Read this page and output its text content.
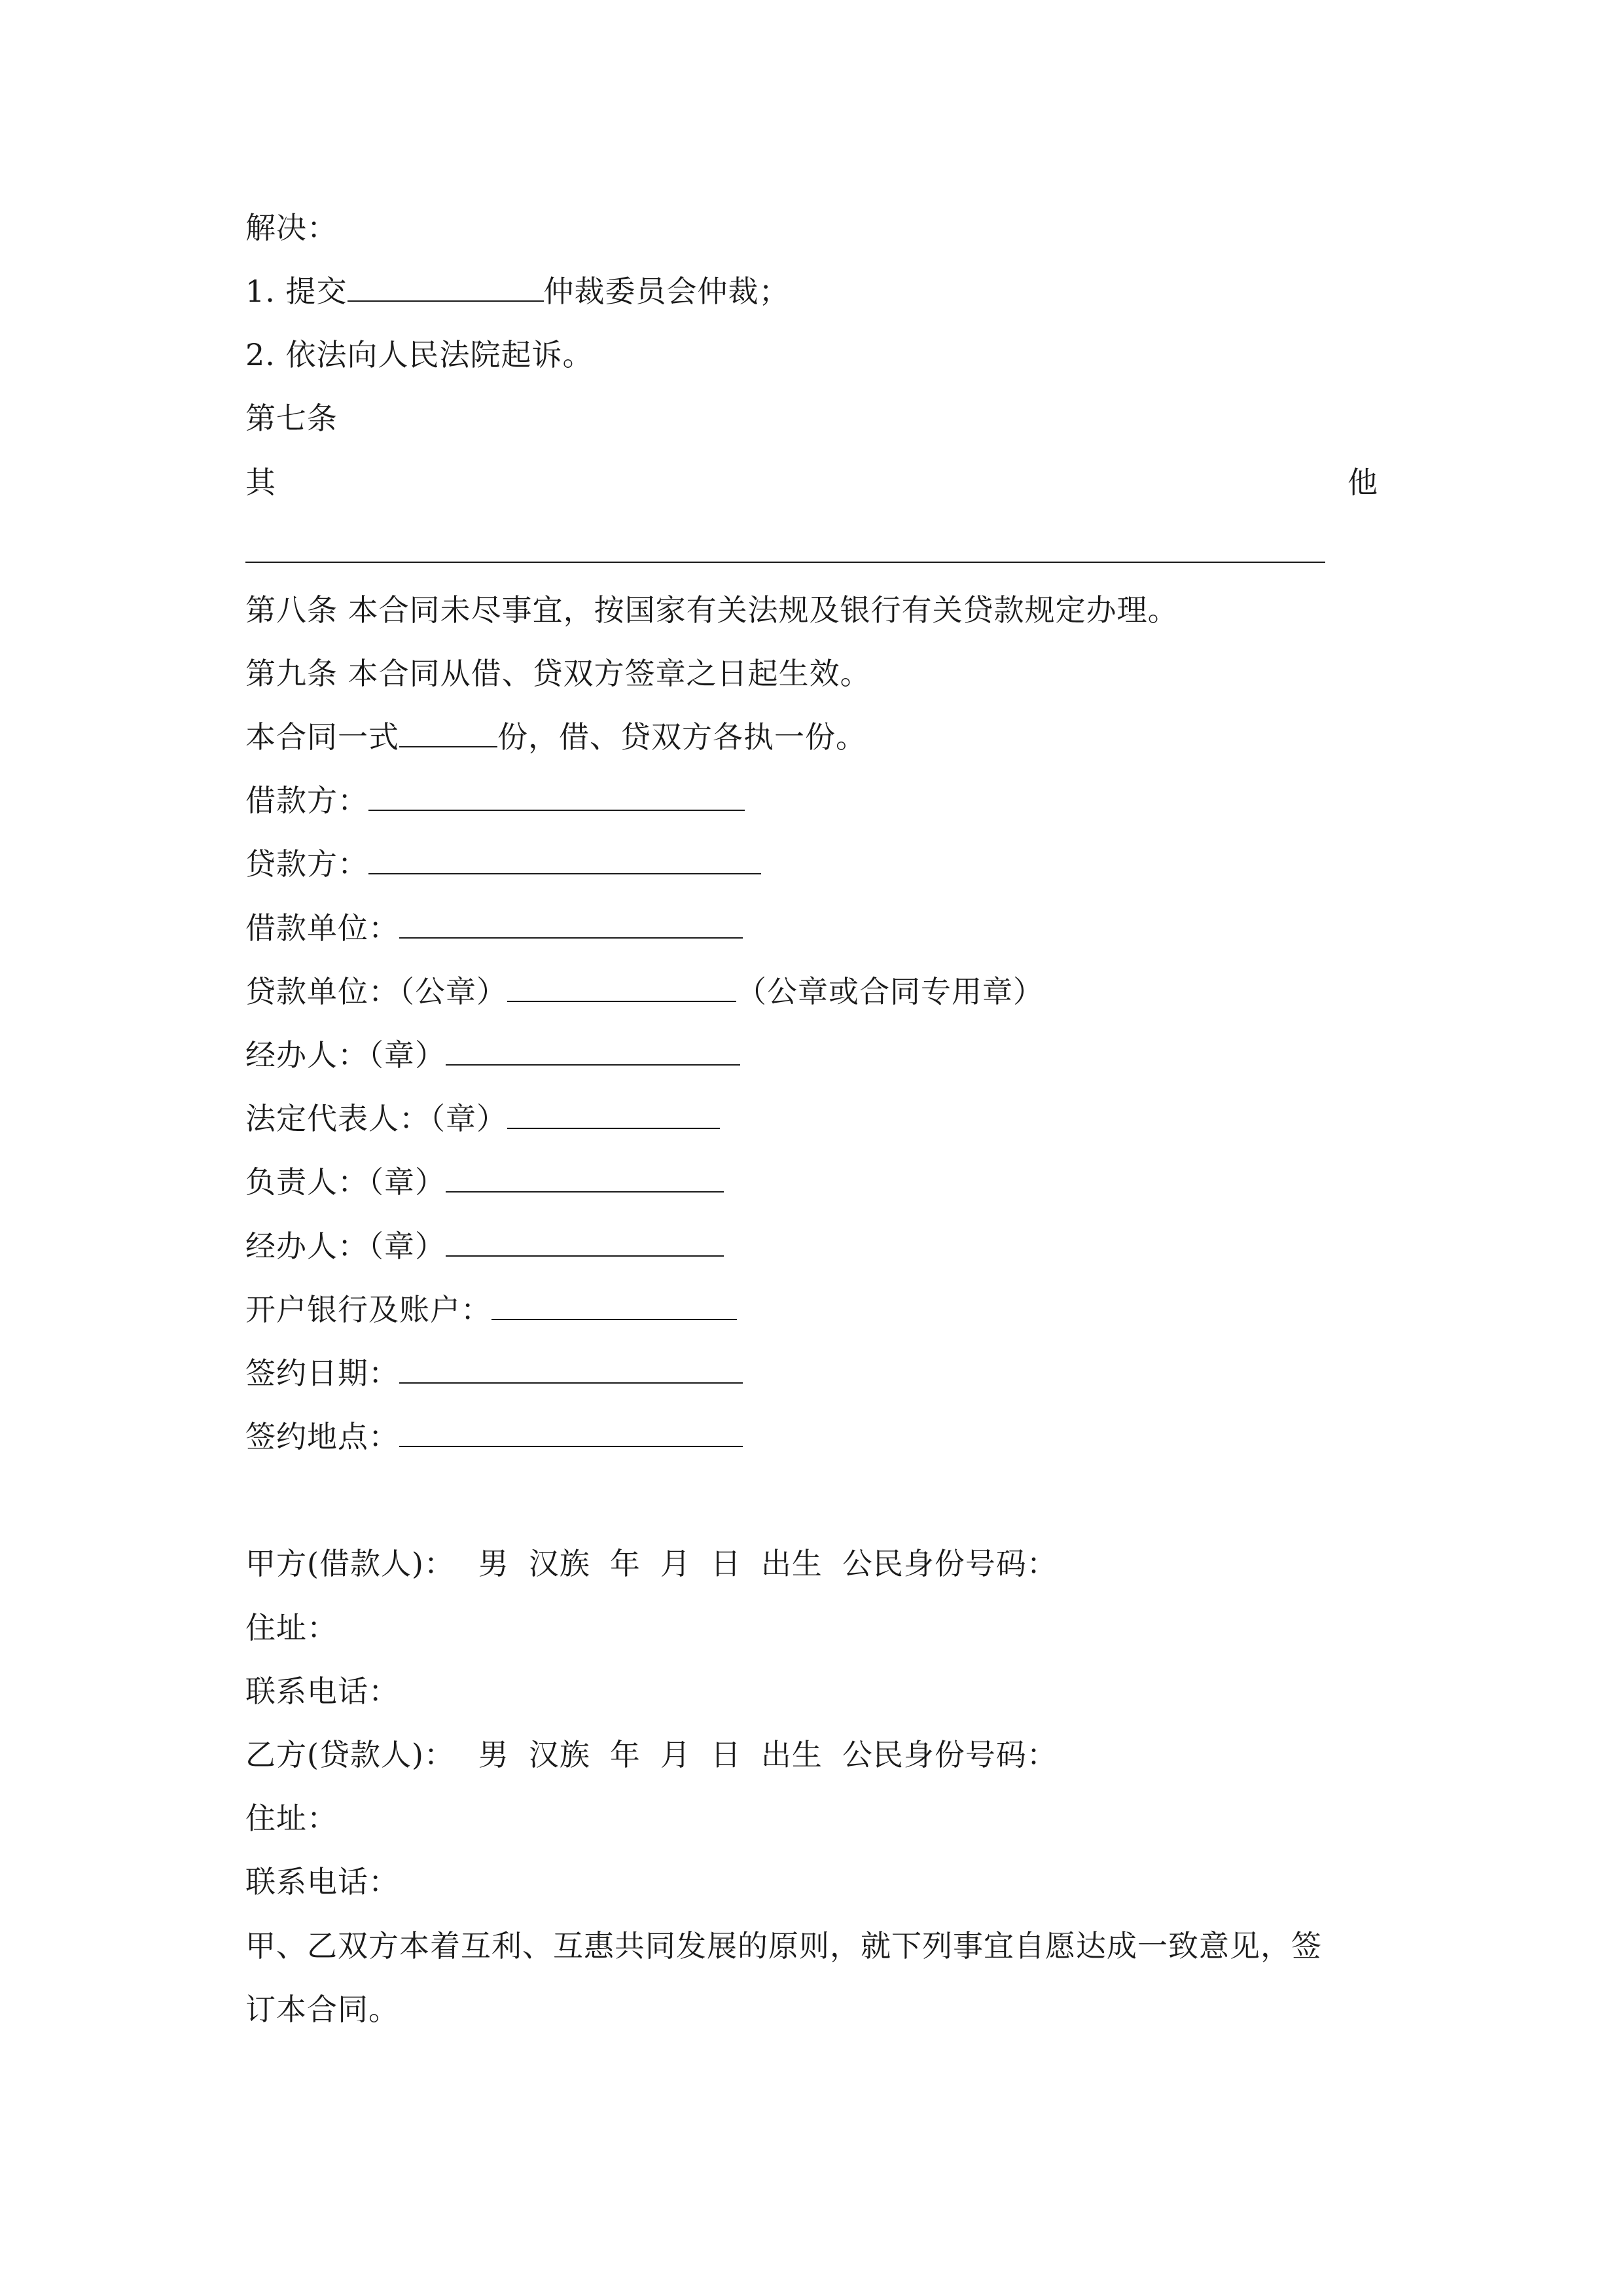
解决：
1. 提交	仲裁委员会仲裁；
2. 依法向人民法院起诉。
第七条
其	他
第八条 本合同未尽事宜，按国家有关法规及银行有关贷款规定办理。
第九条 本合同从借、贷双方签章之日起生效。
本合同一式	份，借、贷双方各执一份。
借款方：
贷款方：
借款单位：
贷款单位：（公章）	（公章或合同专用章）
经办人：（章）
法定代表人：（章）
负责人：（章）
经办人：（章）
开户银行及账户：
签约日期：
签约地点：
甲方(借款人)： 男 汉族 年 月 日 出生 公民身份号码：
住址：
联系电话：
乙方(贷款人)： 男 汉族 年 月 日 出生 公民身份号码：
住址：
联系电话：
甲、乙双方本着互利、互惠共同发展的原则，就下列事宜自愿达成一致意见，签
订本合同。
